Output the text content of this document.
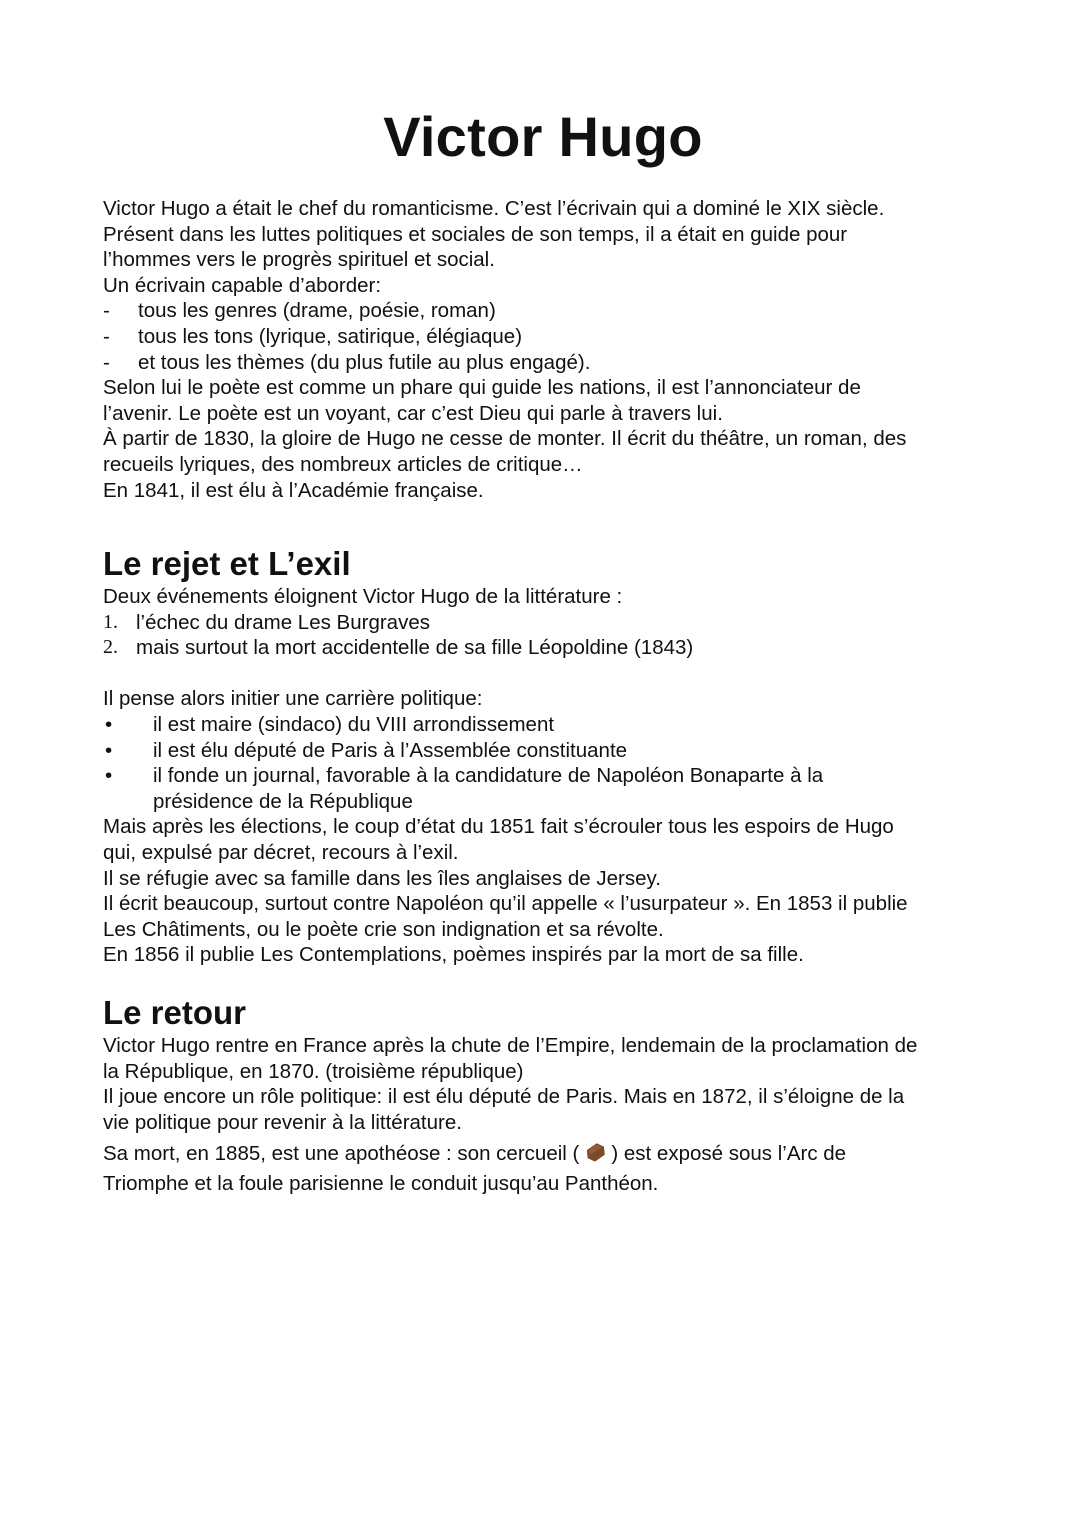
Victor Hugo
Victor Hugo a était le chef du romanticisme. C’est l’écrivain qui a dominé le XIX siècle.
Présent dans les luttes politiques et sociales de son temps, il a était en guide pour
l’hommes vers le progrès spirituel et social.
Un écrivain capable d’aborder:
-	tous les genres (drame, poésie, roman)
-	tous les tons (lyrique, satirique, élégiaque)
-	et tous les thèmes (du plus futile au plus engagé).
Selon lui le poète est comme un phare qui guide les nations, il est l’annonciateur de
l’avenir. Le poète est un voyant, car c’est Dieu qui parle à travers lui.
À partir de 1830, la gloire de Hugo ne cesse de monter. Il écrit du théâtre, un roman, des
recueils lyriques, des nombreux articles de critique…
En 1841, il est élu à l’Académie française.
Le rejet et L’exil
Deux événements éloignent Victor Hugo de la littérature :
1. l’échec du drame Les Burgraves
2. mais surtout la mort accidentelle de sa fille Léopoldine (1843)
Il pense alors initier une carrière politique:
•	il est maire (sindaco) du VIII arrondissement
•	il est élu député de Paris à l’Assemblée constituante
•	il fonde un journal, favorable à la candidature de Napoléon Bonaparte à la
présidence de la République
Mais après les élections, le coup d’état du 1851 fait s’écrouler tous les espoirs de Hugo
qui, expulsé par décret, recours à l’exil.
Il se réfugie avec sa famille dans les îles anglaises de Jersey.
Il écrit beaucoup, surtout contre Napoléon qu’il appelle « l’usurpateur ». En 1853 il publie
Les Châtiments, ou le poète crie son indignation et sa révolte.
En 1856 il publie Les Contemplations, poèmes inspirés par la mort de sa fille.
Le retour
Victor Hugo rentre en France après la chute de l’Empire, lendemain de la proclamation de
la République, en 1870. (troisième république)
Il joue encore un rôle politique: il est élu député de Paris. Mais en 1872, il s’éloigne de la
vie politique pour revenir à la littérature.
Sa mort, en 1885, est une apothéose : son cercueil ( ) est exposé sous l’Arc de
Triomphe et la foule parisienne le conduit jusqu’au Panthéon.
